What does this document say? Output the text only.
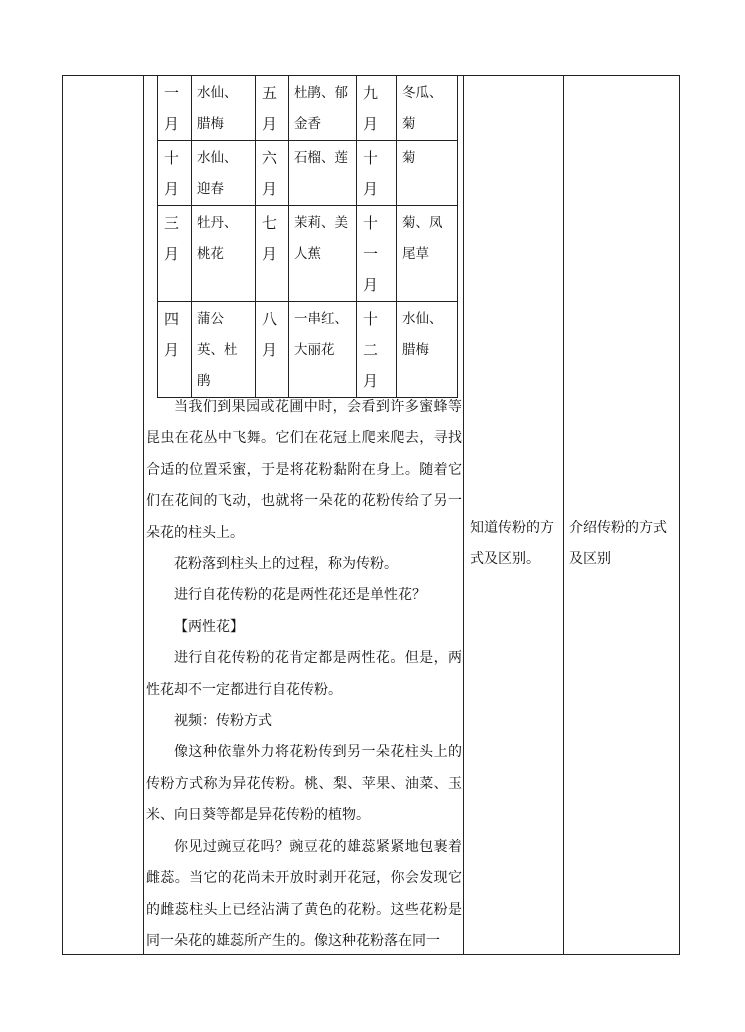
一月	水仙、腊梅	五月	杜鹃、郁金香	九月	冬瓜、菊
十月	水仙、迎春	六月	石榴、莲	十月	菊
三月	牡丹、桃花	七月	茉莉、美人蕉	十一月	菊、凤尾草
四月	蒲公英、杜鹃	八月	一串红、大丽花	十二月	水仙、腊梅

当我们到果园或花圃中时，会看到许多蜜蜂等昆虫在花丛中飞舞。它们在花冠上爬来爬去，寻找合适的位置采蜜，于是将花粉黏附在身上。随着它们在花间的飞动，也就将一朵花的花粉传给了另一朵花的柱头上。

花粉落到柱头上的过程，称为传粉。

进行自花传粉的花是两性花还是单性花？

【两性花】

进行自花传粉的花肯定都是两性花。但是，两性花却不一定都进行自花传粉。

视频：传粉方式

像这种依靠外力将花粉传到另一朵花柱头上的传粉方式称为异花传粉。桃、梨、苹果、油菜、玉米、向日葵等都是异花传粉的植物。

你见过豌豆花吗？豌豆花的雄蕊紧紧地包裹着雌蕊。当它的花尚未开放时剥开花冠，你会发现它的雌蕊柱头上已经沾满了黄色的花粉。这些花粉是同一朵花的雄蕊所产生的。像这种花粉落在同一

知道传粉的方式及区别。
介绍传粉的方式及区别
